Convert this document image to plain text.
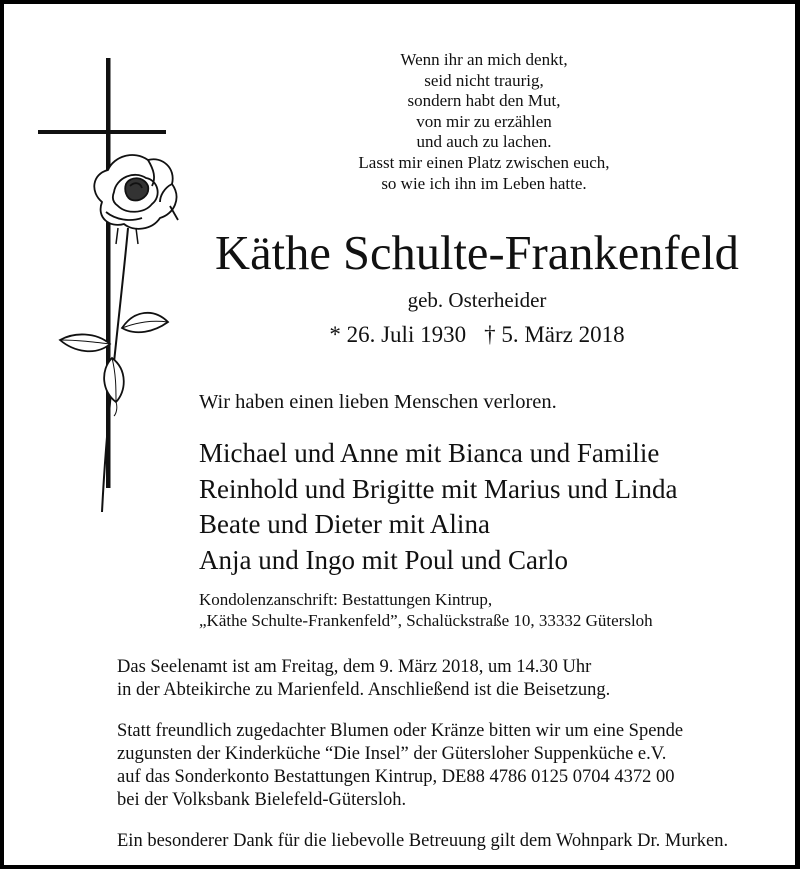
Wenn ihr an mich denkt,
seid nicht traurig,
sondern habt den Mut,
von mir zu erzählen
und auch zu lachen.
Lasst mir einen Platz zwischen euch,
so wie ich ihn im Leben hatte.
Käthe Schulte-Frankenfeld
geb. Osterheider
* 26. Juli 1930 † 5. März 2018
Wir haben einen lieben Menschen verloren.
Michael und Anne mit Bianca und Familie
Reinhold und Brigitte mit Marius und Linda
Beate und Dieter mit Alina
Anja und Ingo mit Poul und Carlo
Kondolenzanschrift: Bestattungen Kintrup,
„Käthe Schulte-Frankenfeld”, Schalückstraße 10, 33332 Gütersloh
Das Seelenamt ist am Freitag, dem 9. März 2018, um 14.30 Uhr
in der Abteikirche zu Marienfeld. Anschließend ist die Beisetzung.
Statt freundlich zugedachter Blumen oder Kränze bitten wir um eine Spende
zugunsten der Kinderküche “Die Insel” der Gütersloher Suppenküche e.V.
auf das Sonderkonto Bestattungen Kintrup, DE88 4786 0125 0704 4372 00
bei der Volksbank Bielefeld-Gütersloh.
Ein besonderer Dank für die liebevolle Betreuung gilt dem Wohnpark Dr. Murken.
